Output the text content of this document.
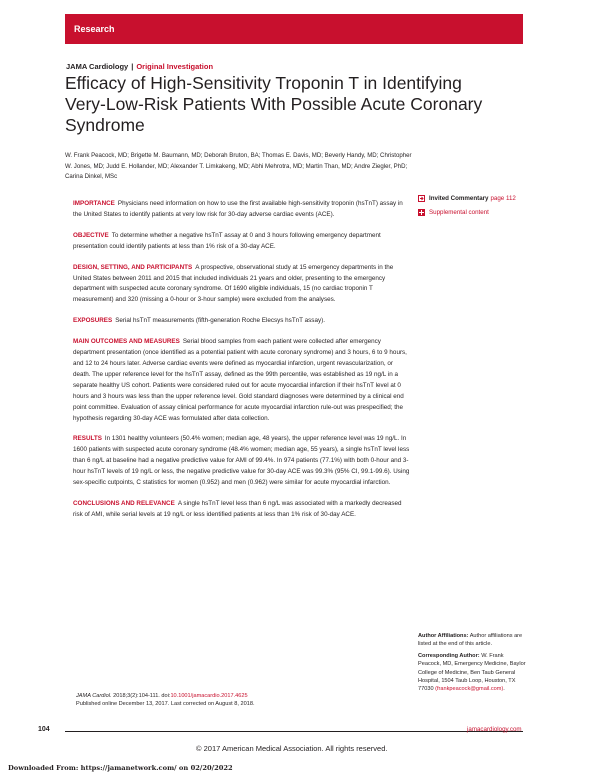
Research
JAMA Cardiology | Original Investigation
Efficacy of High-Sensitivity Troponin T in Identifying Very-Low-Risk Patients With Possible Acute Coronary Syndrome

W. Frank Peacock, MD; Brigette M. Baumann, MD; Deborah Bruton, BA; Thomas E. Davis, MD; Beverly Handy, MD; Christopher W. Jones, MD; Judd E. Hollander, MD; Alexander T. Limkakeng, MD; Abhi Mehrotra, MD; Martin Than, MD; Andre Ziegler, PhD; Carina Dinkel, MSc

IMPORTANCE Physicians need information on how to use the first available high-sensitivity troponin (hsTnT) assay in the United States to identify patients at very low risk for 30-day adverse cardiac events (ACE).

OBJECTIVE To determine whether a negative hsTnT assay at 0 and 3 hours following emergency department presentation could identify patients at less than 1% risk of a 30-day ACE.

DESIGN, SETTING, AND PARTICIPANTS A prospective, observational study at 15 emergency departments in the United States between 2011 and 2015 that included individuals 21 years and older, presenting to the emergency department with suspected acute coronary syndrome. Of 1690 eligible individuals, 15 (no cardiac troponin T measurement) and 320 (missing a 0-hour or 3-hour sample) were excluded from the analyses.

EXPOSURES Serial hsTnT measurements (fifth-generation Roche Elecsys hsTnT assay).

MAIN OUTCOMES AND MEASURES Serial blood samples from each patient were collected after emergency department presentation (once identified as a potential patient with acute coronary syndrome) and 3 hours, 6 to 9 hours, and 12 to 24 hours later. Adverse cardiac events were defined as myocardial infarction, urgent revascularization, or death. The upper reference level for the hsTnT assay, defined as the 99th percentile, was established as 19 ng/L in a separate healthy US cohort. Patients were considered ruled out for acute myocardial infarction if their hsTnT level at 0 hours and 3 hours was less than the upper reference level. Gold standard diagnoses were determined by a clinical end point committee. Evaluation of assay clinical performance for acute myocardial infarction rule-out was prespecified; the hypothesis regarding 30-day ACE was formulated after data collection.

RESULTS In 1301 healthy volunteers (50.4% women; median age, 48 years), the upper reference level was 19 ng/L. In 1600 patients with suspected acute coronary syndrome (48.4% women; median age, 55 years), a single hsTnT level less than 6 ng/L at baseline had a negative predictive value for AMI of 99.4%. In 974 patients (77.1%) with both 0-hour and 3-hour hsTnT levels of 19 ng/L or less, the negative predictive value for 30-day ACE was 99.3% (95% CI, 99.1-99.6). Using sex-specific cutpoints, C statistics for women (0.952) and men (0.962) were similar for acute myocardial infarction.

CONCLUSIONS AND RELEVANCE A single hsTnT level less than 6 ng/L was associated with a markedly decreased risk of AMI, while serial levels at 19 ng/L or less identified patients at less than 1% risk of 30-day ACE.

Invited Commentary page 112
Supplemental content
Author Affiliations: Author affiliations are listed at the end of this article.
Corresponding Author: W. Frank Peacock, MD, Emergency Medicine, Baylor College of Medicine, Ben Taub General Hospital, 1504 Taub Loop, Houston, TX 77030 (frankpeacock@gmail.com).
JAMA Cardiol. 2018;3(2):104-111. doi:10.1001/jamacardio.2017.4625
Published online December 13, 2017. Last corrected on August 8, 2018.
104	jamacardiology.com
© 2017 American Medical Association. All rights reserved.
Downloaded From: https://jamanetwork.com/ on 02/20/2022
